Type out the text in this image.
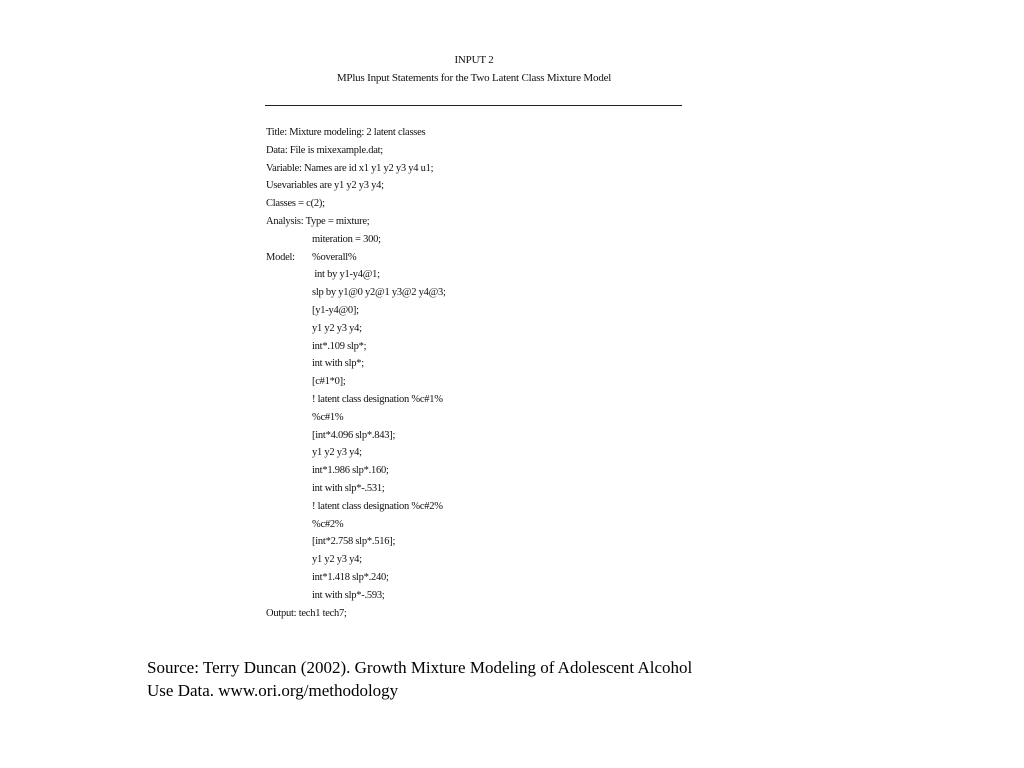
INPUT 2
MPlus Input Statements for the Two Latent Class Mixture Model
Title: Mixture modeling: 2 latent classes
Data: File is mixexample.dat;
Variable: Names are id x1 y1 y2 y3 y4 u1;
Usevariables are y1 y2 y3 y4;
Classes = c(2);
Analysis: Type = mixture;
miteration = 300;
Model: %overall%
int by y1-y4@1;
slp by y1@0 y2@1 y3@2 y4@3;
[y1-y4@0];
y1 y2 y3 y4;
int*.109 slp*;
int with slp*;
[c#1*0];
! latent class designation %c#1%
%c#1%
[int*4.096 slp*.843];
y1 y2 y3 y4;
int*1.986 slp*.160;
int with slp*-.531;
! latent class designation %c#2%
%c#2%
[int*2.758 slp*.516];
y1 y2 y3 y4;
int*1.418 slp*.240;
int with slp*-.593;
Output: tech1 tech7;
Source: Terry Duncan (2002). Growth Mixture Modeling of Adolescent Alcohol
Use Data. www.ori.org/methodology
